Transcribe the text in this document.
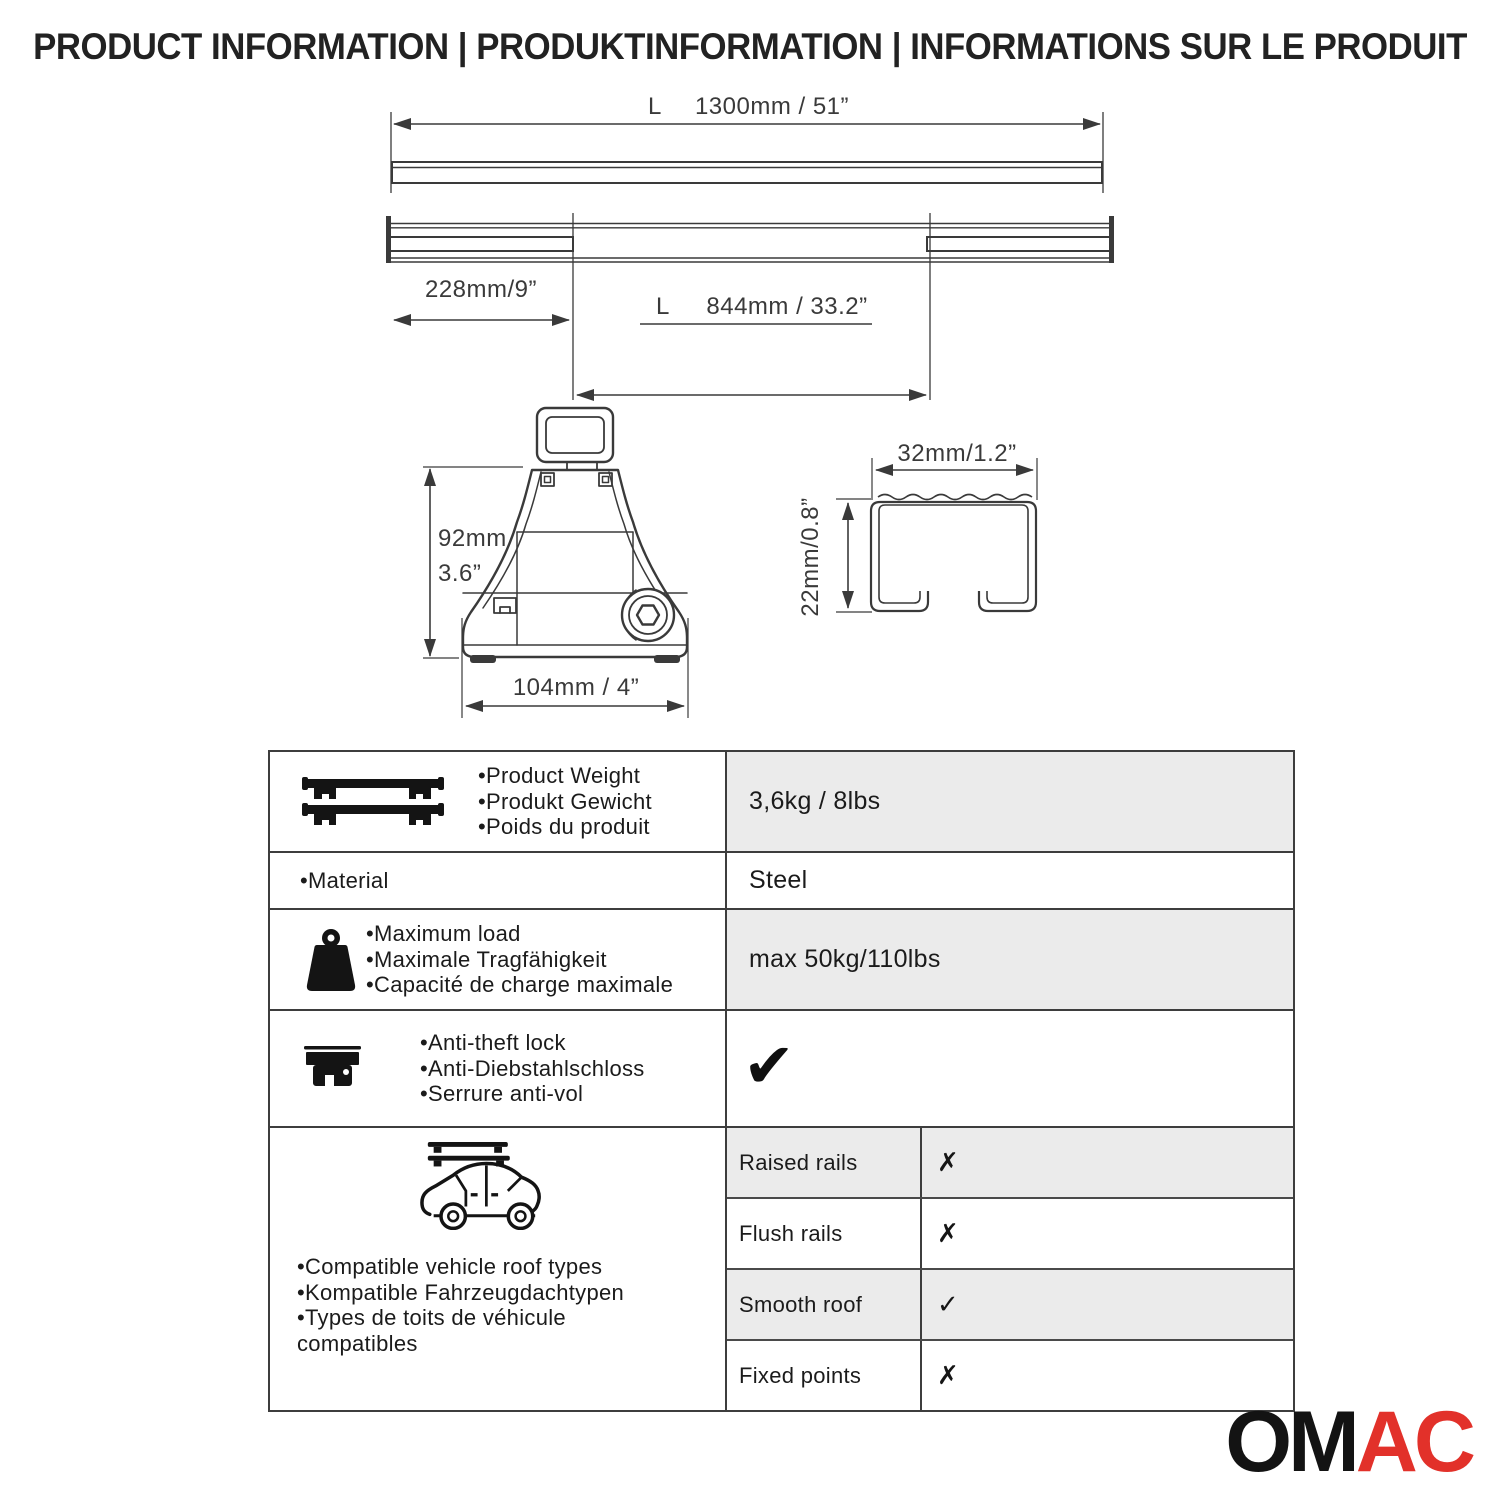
PRODUCT INFORMATION | PRODUKTINFORMATION | INFORMATIONS SUR LE PRODUIT
L 1300mm / 51”
228mm/9”
L 844mm / 33.2”
92mm
3.6”
104mm / 4”
32mm/1.2”
22mm/0.8”
•Product Weight
•Produkt Gewicht
•Poids du produit
3,6kg / 8lbs
•Material	Steel
•Maximum load
•Maximale Tragfähigkeit
•Capacité de charge maximale
max 50kg/110lbs
•Anti-theft lock
•Anti-Diebstahlschloss
•Serrure anti-vol	✔
•Compatible vehicle roof types
•Kompatible Fahrzeugdachtypen
•Types de toits de véhicule
compatibles
Raised rails	✗
Flush rails	✗
Smooth roof	✓
Fixed points	✗
OMAC
